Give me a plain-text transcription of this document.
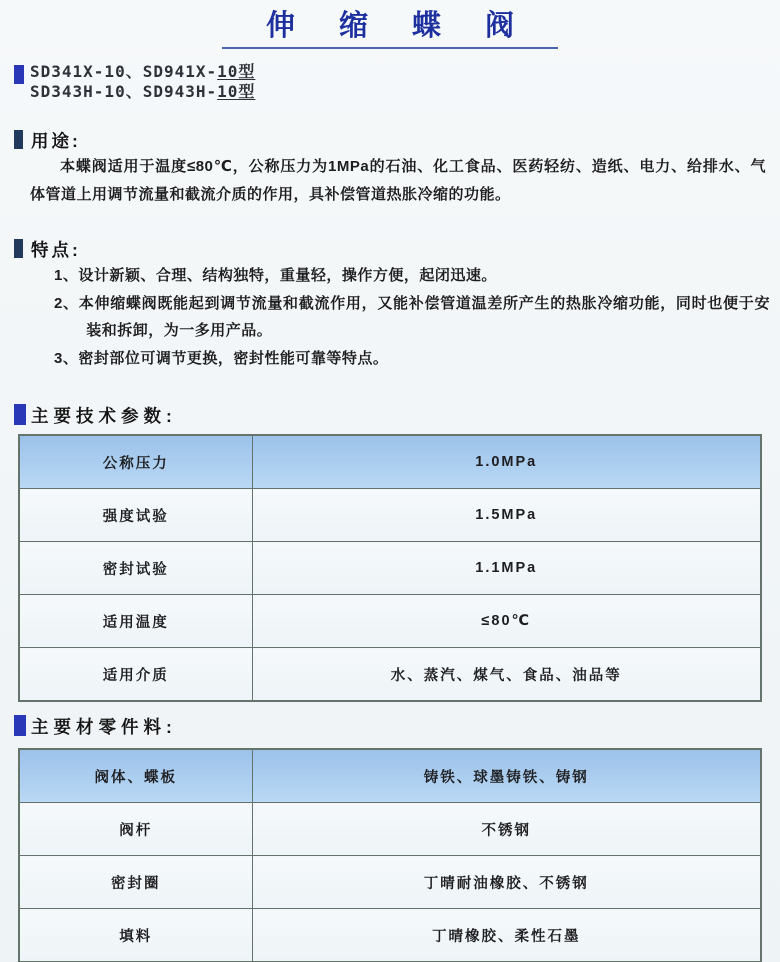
伸缩蝶阀
SD341X-10、SD941X-10型
SD343H-10、SD943H-10型
用途:
本蝶阀适用于温度≤80℃，公称压力为1MPa的石油、化工食品、医药轻纺、造纸、电力、给排水、气体管道上用调节流量和截流介质的作用，具补偿管道热胀冷缩的功能。
特点:
1、设计新颖、合理、结构独特，重量轻，操作方便，起闭迅速。
2、本伸缩蝶阀既能起到调节流量和截流作用，又能补偿管道温差所产生的热胀冷缩功能，同时也便于安装和拆卸，为一多用产品。
3、密封部位可调节更换，密封性能可靠等特点。
主要技术参数:
公称压力	1.0MPa
强度试验	1.5MPa
密封试验	1.1MPa
适用温度	≤80℃
适用介质	水、蒸汽、煤气、食品、油品等
主要材零件料:
阀体、蝶板	铸铁、球墨铸铁、铸钢
阀杆	不锈钢
密封圈	丁晴耐油橡胶、不锈钢
填料	丁晴橡胶、柔性石墨
